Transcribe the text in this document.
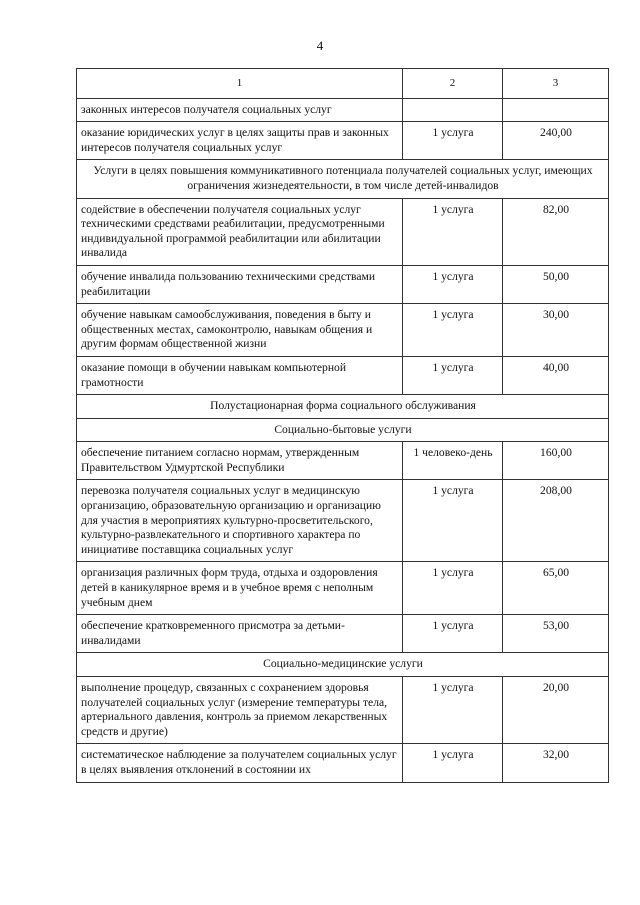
4
1	2	3
законных интересов получателя социальных услуг		
оказание юридических услуг в целях защиты прав и законных интересов получателя социальных услуг	1 услуга	240,00
Услуги в целях повышения коммуникативного потенциала получателей социальных услуг, имеющих ограничения жизнедеятельности, в том числе детей-инвалидов		
содействие в обеспечении получателя социальных услуг техническими средствами реабилитации, предусмотренными индивидуальной программой реабилитации или абилитации инвалида	1 услуга	82,00
обучение инвалида пользованию техническими средствами реабилитации	1 услуга	50,00
обучение навыкам самообслуживания, поведения в быту и общественных местах, самоконтролю, навыкам общения и другим формам общественной жизни	1 услуга	30,00
оказание помощи в обучении навыкам компьютерной грамотности	1 услуга	40,00
Полустационарная форма социального обслуживания		
Социально-бытовые услуги		
обеспечение питанием согласно нормам, утвержденным Правительством Удмуртской Республики	1 человеко-день	160,00
перевозка получателя социальных услуг в медицинскую организацию, образовательную организацию и организацию для участия в мероприятиях культурно-просветительского, культурно-развлекательного и спортивного характера по инициативе поставщика социальных услуг	1 услуга	208,00
организация различных форм труда, отдыха и оздоровления детей в каникулярное время и в учебное время с неполным учебным днем	1 услуга	65,00
обеспечение кратковременного присмотра за детьми-инвалидами	1 услуга	53,00
Социально-медицинские услуги		
выполнение процедур, связанных с сохранением здоровья получателей социальных услуг (измерение температуры тела, артериального давления, контроль за приемом лекарственных средств и другие)	1 услуга	20,00
систематическое наблюдение за получателем социальных услуг в целях выявления отклонений в состоянии их	1 услуга	32,00
